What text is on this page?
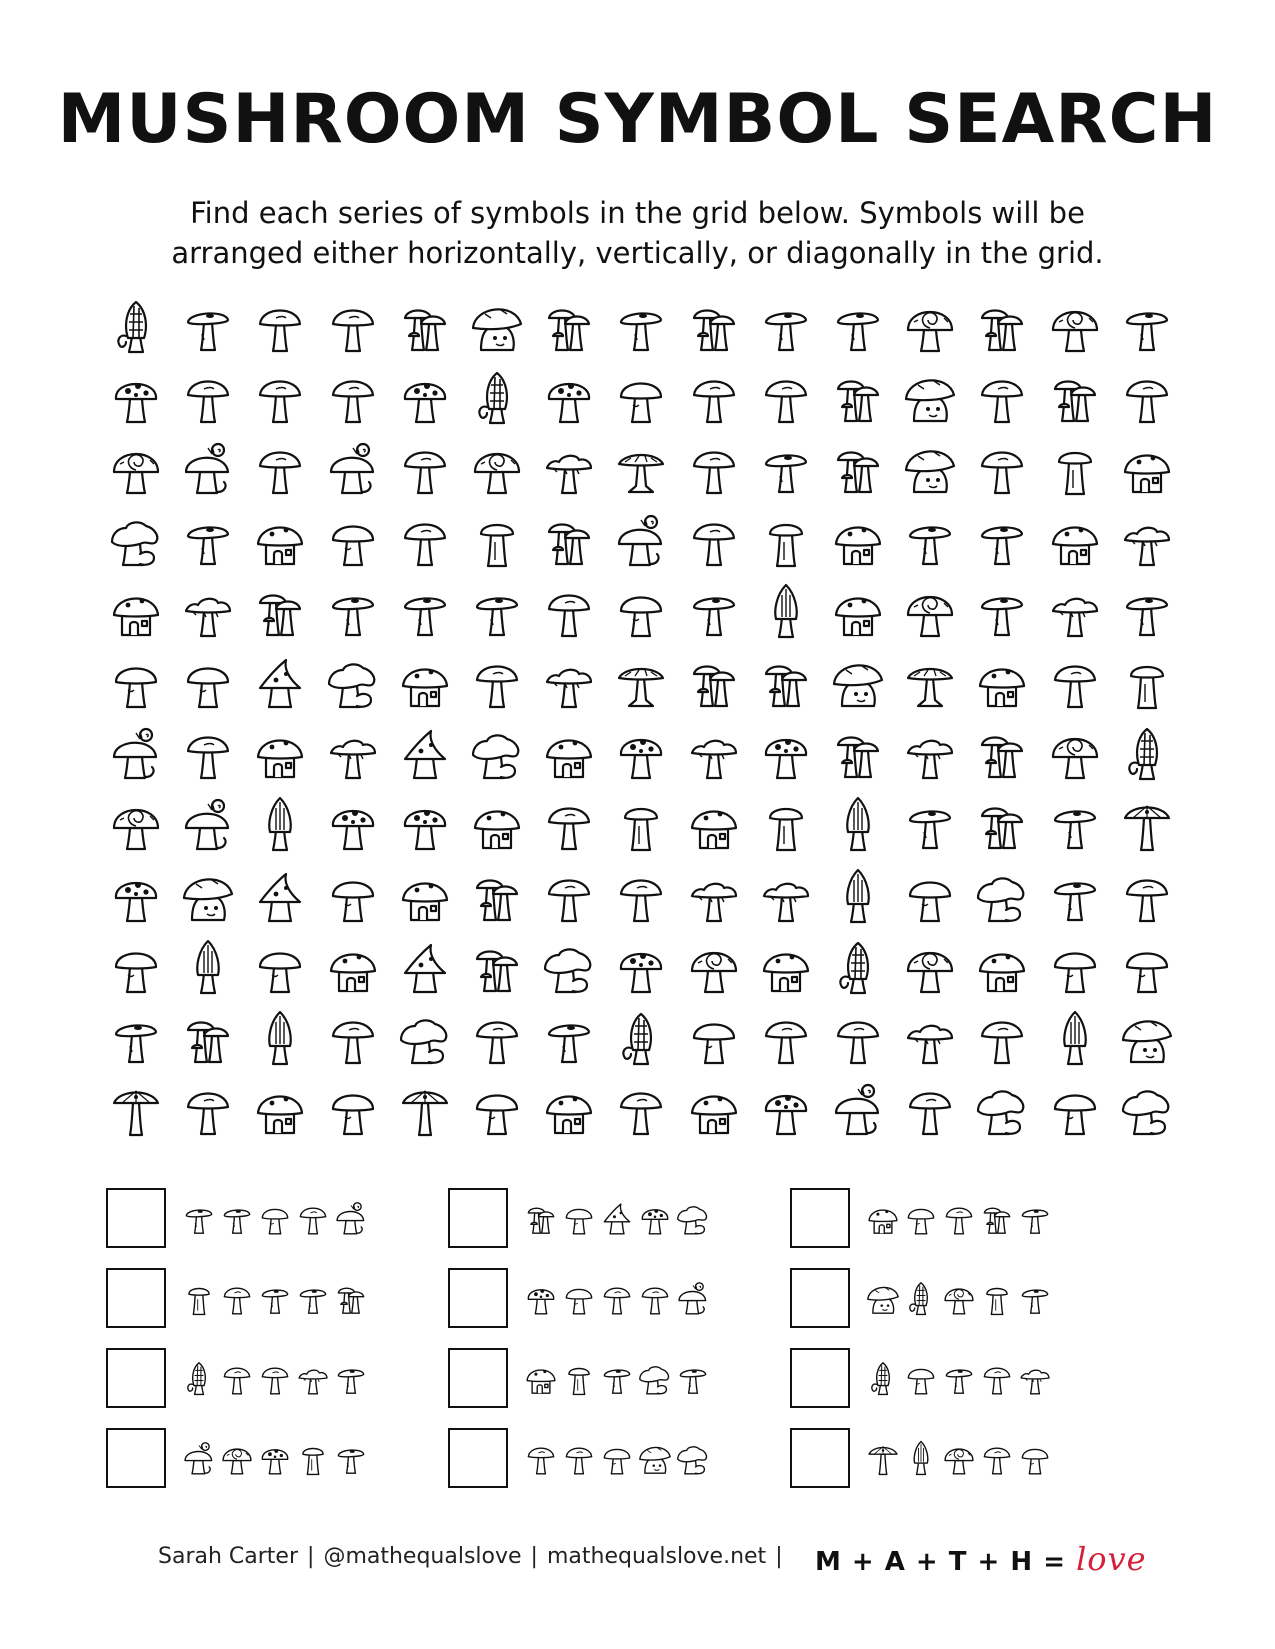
MUSHROOM SYMBOL SEARCH

Find each series of symbols in the grid below. Symbols will be
arranged either horizontally, vertically, or diagonally in the grid.

Sarah Carter | @mathequalslove | mathequalslove.net |	M + A + T + H = love
